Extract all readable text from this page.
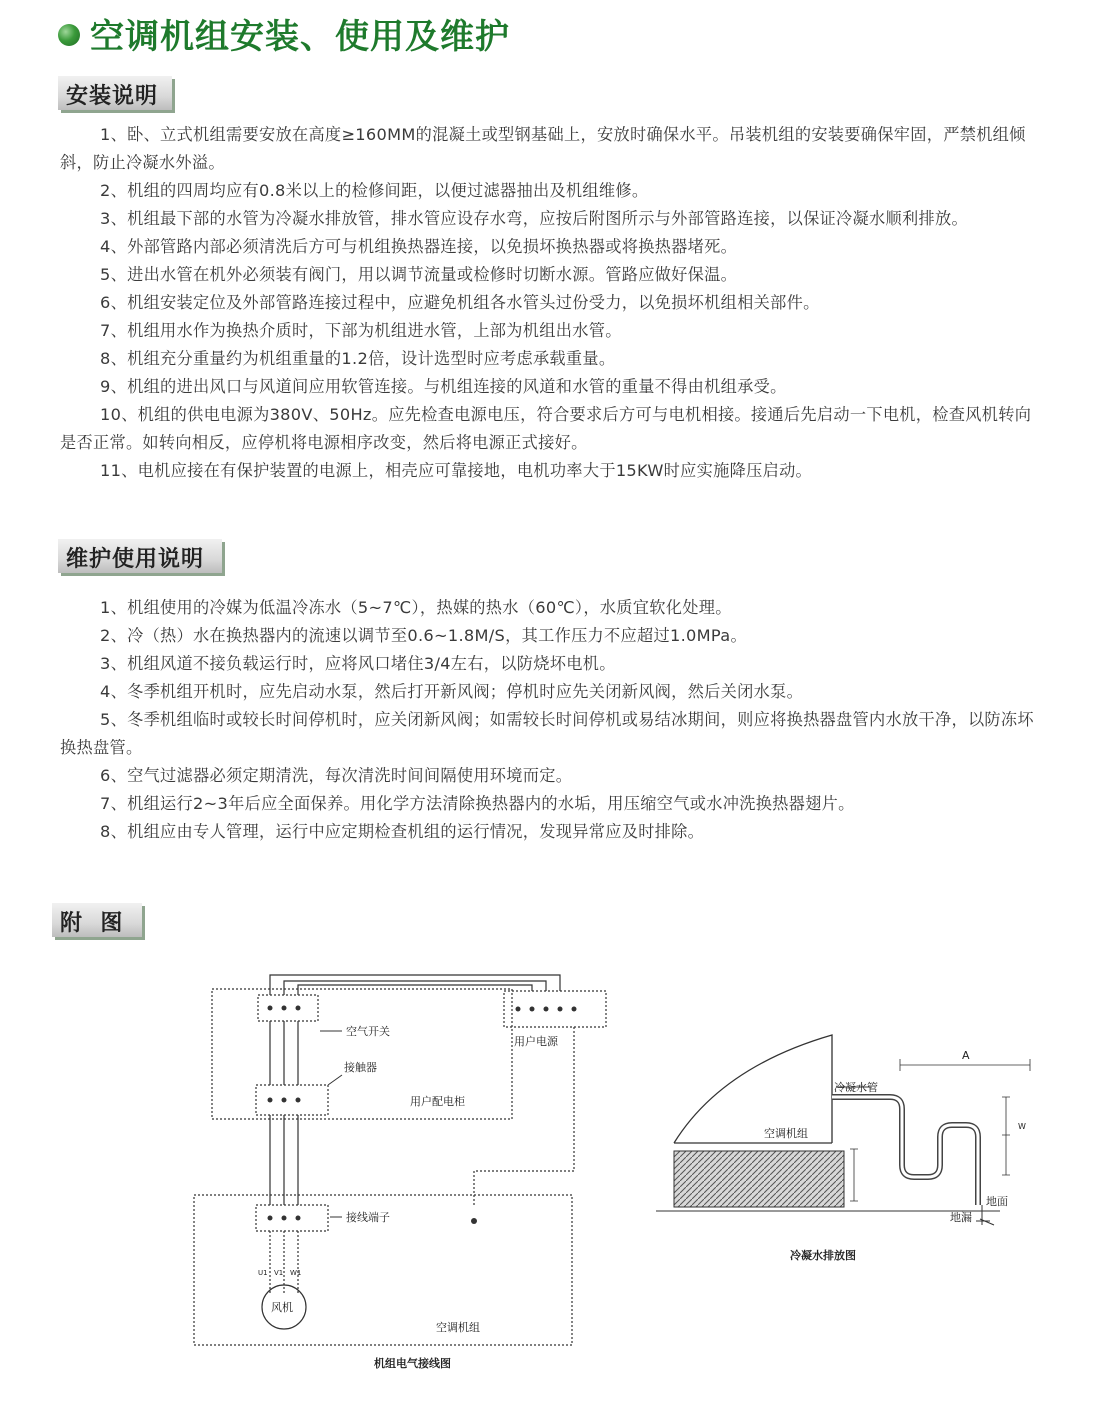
空调机组安装、使用及维护
安装说明

1、卧、立式机组需要安放在高度≥160MM的混凝土或型钢基础上，安放时确保水平。吊装机组的安装要确保牢固，严禁机组倾斜，防止冷凝水外溢。

2、机组的四周均应有0.8米以上的检修间距，以便过滤器抽出及机组维修。

3、机组最下部的水管为冷凝水排放管，排水管应设存水弯，应按后附图所示与外部管路连接，以保证冷凝水顺利排放。

4、外部管路内部必须清洗后方可与机组换热器连接，以免损坏换热器或将换热器堵死。

5、进出水管在机外必须装有阀门，用以调节流量或检修时切断水源。管路应做好保温。

6、机组安装定位及外部管路连接过程中，应避免机组各水管头过份受力，以免损坏机组相关部件。

7、机组用水作为换热介质时，下部为机组进水管，上部为机组出水管。

8、机组充分重量约为机组重量的1.2倍，设计选型时应考虑承载重量。

9、机组的进出风口与风道间应用软管连接。与机组连接的风道和水管的重量不得由机组承受。

10、机组的供电电源为380V、50Hz。应先检查电源电压，符合要求后方可与电机相接。接通后先启动一下电机，检查风机转向是否正常。如转向相反，应停机将电源相序改变，然后将电源正式接好。

11、电机应接在有保护装置的电源上，相壳应可靠接地，电机功率大于15KW时应实施降压启动。

维护使用说明

1、机组使用的冷媒为低温冷冻水（5~7℃），热媒的热水（60℃），水质宜软化处理。

2、冷（热）水在换热器内的流速以调节至0.6~1.8M/S，其工作压力不应超过1.0MPa。

3、机组风道不接负载运行时，应将风口堵住3/4左右，以防烧坏电机。

4、冬季机组开机时，应先启动水泵，然后打开新风阀；停机时应先关闭新风阀，然后关闭水泵。

5、冬季机组临时或较长时间停机时，应关闭新风阀；如需较长时间停机或易结冰期间，则应将换热器盘管内水放干净，以防冻坏换热盘管。

6、空气过滤器必须定期清洗，每次清洗时间间隔使用环境而定。

7、机组运行2~3年后应全面保养。用化学方法清除换热器内的水垢，用压缩空气或水冲洗换热器翅片。

8、机组应由专人管理，运行中应定期检查机组的运行情况，发现异常应及时排除。

附  图
空气开关
用户电源
接触器
用户配电柜
接线端子
风机
空调机组
机组电气接线图
U1 V1 W1
A
冷凝水管
空调机组
地面
地漏
W
冷凝水排放图
